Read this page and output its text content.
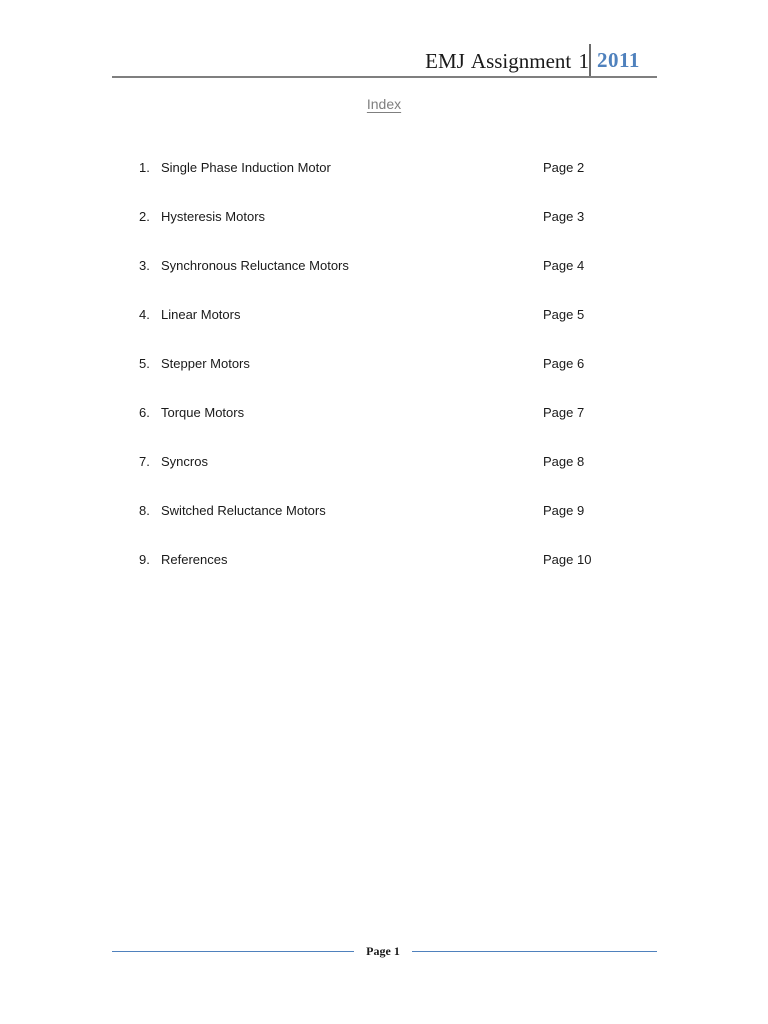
EMJ Assignment 1 2011
Index
1. Single Phase Induction Motor	Page 2
2. Hysteresis Motors	Page 3
3. Synchronous Reluctance Motors	Page 4
4. Linear Motors	Page 5
5. Stepper Motors	Page 6
6. Torque Motors	Page 7
7. Syncros	Page 8
8. Switched Reluctance Motors	Page 9
9. References	Page 10
Page 1
